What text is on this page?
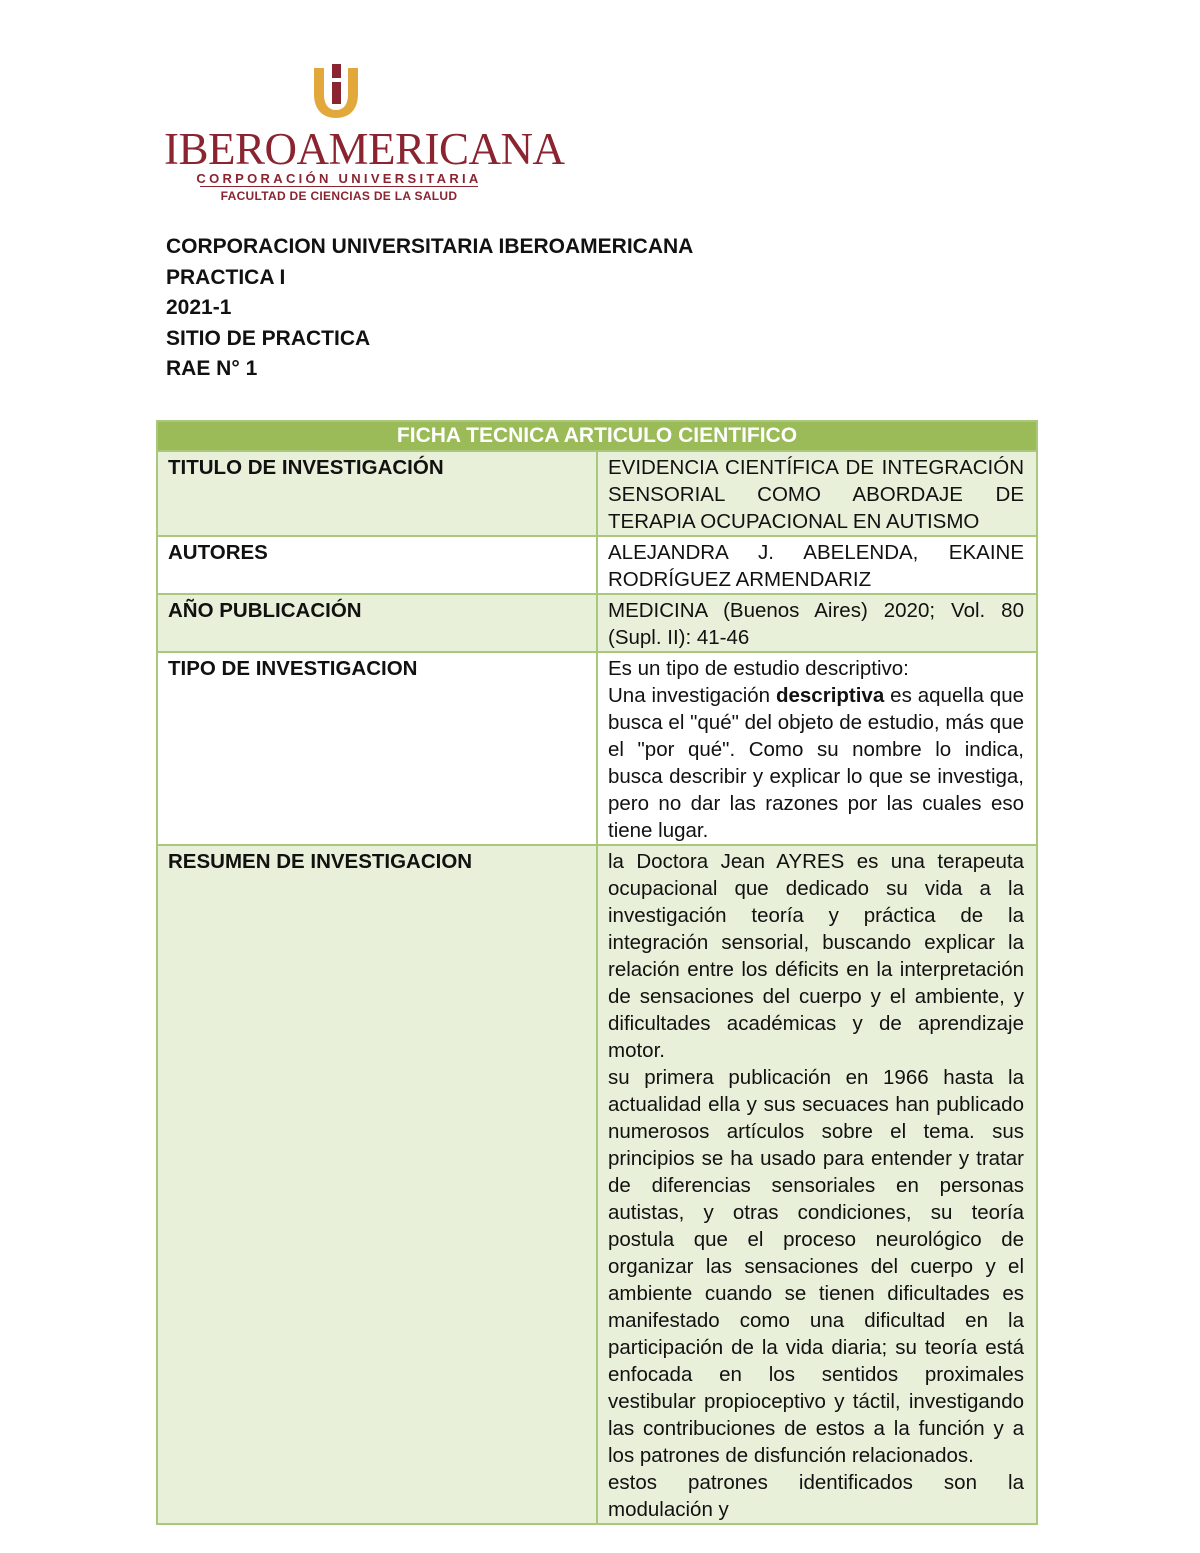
IBEROAMERICANA
CORPORACIÓN UNIVERSITARIA
FACULTAD DE CIENCIAS DE LA SALUD
CORPORACION UNIVERSITARIA IBEROAMERICANA
PRACTICA I
2021-1
SITIO DE PRACTICA
RAE N° 1
FICHA TECNICA ARTICULO CIENTIFICO	
TITULO DE INVESTIGACIÓN	EVIDENCIA CIENTÍFICA DE INTEGRACIÓN SENSORIAL COMO ABORDAJE DE TERAPIA OCUPACIONAL EN AUTISMO
AUTORES	ALEJANDRA J. ABELENDA, EKAINE RODRÍGUEZ ARMENDARIZ
AÑO PUBLICACIÓN	MEDICINA (Buenos Aires) 2020; Vol. 80 (Supl. II): 41-46
TIPO DE INVESTIGACION	Es un tipo de estudio descriptivo:

Una investigación descriptiva es aquella que busca el "qué" del objeto de estudio, más que el "por qué". Como su nombre lo indica, busca describir y explicar lo que se investiga, pero no dar las razones por las cuales eso tiene lugar.

RESUMEN DE INVESTIGACION	la Doctora Jean AYRES es una terapeuta ocupacional que dedicado su vida a la investigación teoría y práctica de la integración sensorial, buscando explicar la relación entre los déficits en la interpretación de sensaciones del cuerpo y el ambiente, y dificultades académicas y de aprendizaje motor.

su primera publicación en 1966 hasta la actualidad ella y sus secuaces han publicado numerosos artículos sobre el tema. sus principios se ha usado para entender y tratar de diferencias sensoriales en personas autistas, y otras condiciones, su teoría postula que el proceso neurológico de organizar las sensaciones del cuerpo y el ambiente cuando se tienen dificultades es manifestado como una dificultad en la participación de la vida diaria; su teoría está enfocada en los sentidos proximales vestibular propioceptivo y táctil, investigando las contribuciones de estos a la función y a los patrones de disfunción relacionados.

estos patrones identificados son la modulación y
